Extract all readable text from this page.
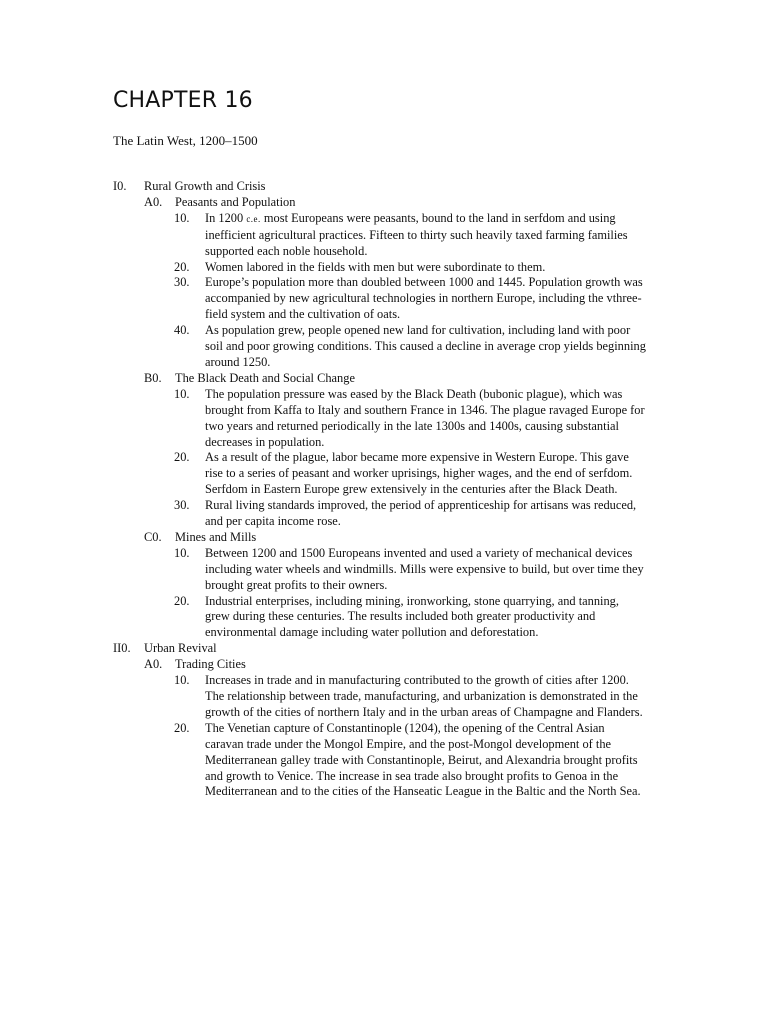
CHAPTER 16

The Latin West, 1200–1500

I0. Rural Growth and Crisis
A0. Peasants and Population
10. In 1200 c.e. most Europeans were peasants, bound to the land in serfdom and using inefficient agricultural practices. Fifteen to thirty such heavily taxed farming families supported each noble household.
20. Women labored in the fields with men but were subordinate to them.
30. Europe’s population more than doubled between 1000 and 1445. Population growth was accompanied by new agricultural technologies in northern Europe, including the vthree-field system and the cultivation of oats.
40. As population grew, people opened new land for cultivation, including land with poor soil and poor growing conditions. This caused a decline in average crop yields beginning around 1250.
B0. The Black Death and Social Change
10. The population pressure was eased by the Black Death (bubonic plague), which was brought from Kaffa to Italy and southern France in 1346. The plague ravaged Europe for two years and returned periodically in the late 1300s and 1400s, causing substantial decreases in population.
20. As a result of the plague, labor became more expensive in Western Europe. This gave rise to a series of peasant and worker uprisings, higher wages, and the end of serfdom. Serfdom in Eastern Europe grew extensively in the centuries after the Black Death.
30. Rural living standards improved, the period of apprenticeship for artisans was reduced, and per capita income rose.
C0. Mines and Mills
10. Between 1200 and 1500 Europeans invented and used a variety of mechanical devices including water wheels and windmills. Mills were expensive to build, but over time they brought great profits to their owners.
20. Industrial enterprises, including mining, ironworking, stone quarrying, and tanning, grew during these centuries. The results included both greater productivity and environmental damage including water pollution and deforestation.
II0. Urban Revival
A0. Trading Cities
10. Increases in trade and in manufacturing contributed to the growth of cities after 1200. The relationship between trade, manufacturing, and urbanization is demonstrated in the growth of the cities of northern Italy and in the urban areas of Champagne and Flanders.
20. The Venetian capture of Constantinople (1204), the opening of the Central Asian caravan trade under the Mongol Empire, and the post-Mongol development of the Mediterranean galley trade with Constantinople, Beirut, and Alexandria brought profits and growth to Venice. The increase in sea trade also brought profits to Genoa in the Mediterranean and to the cities of the Hanseatic League in the Baltic and the North Sea.
